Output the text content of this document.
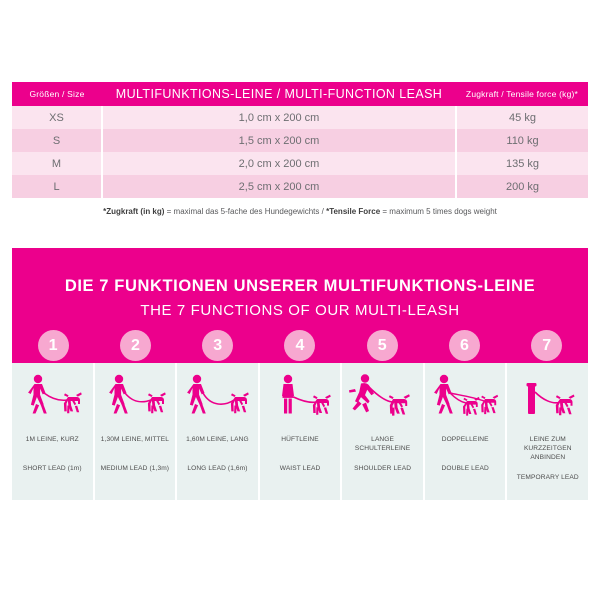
Größen / Size	MULTIFUNKTIONS-LEINE / MULTI-FUNCTION LEASH	Zugkraft / Tensile force (kg)*
XS	1,0 cm x 200 cm	45 kg
S	1,5 cm x 200 cm	110 kg
M	2,0 cm x 200 cm	135 kg
L	2,5 cm x 200 cm	200 kg
*Zugkraft (in kg) = maximal das 5-fache des Hundegewichts / *Tensile Force = maximum 5 times dogs weight		
DIE 7 FUNKTIONEN UNSERER MULTIFUNKTIONS-LEINE
THE 7 FUNCTIONS OF OUR MULTI-LEASH
1	2	3	4	5	6	7
1M LEINE, KURZ
SHORT LEAD (1m)
1,30M LEINE, MITTEL
MEDIUM LEAD (1,3m)
1,60M LEINE, LANG
LONG LEAD (1,6m)
HÜFTLEINE
WAIST LEAD
LANGE SCHULTERLEINE
SHOULDER LEAD
DOPPELLEINE
DOUBLE LEAD
LEINE ZUM KURZZEITGEN ANBINDEN
TEMPORARY LEAD
